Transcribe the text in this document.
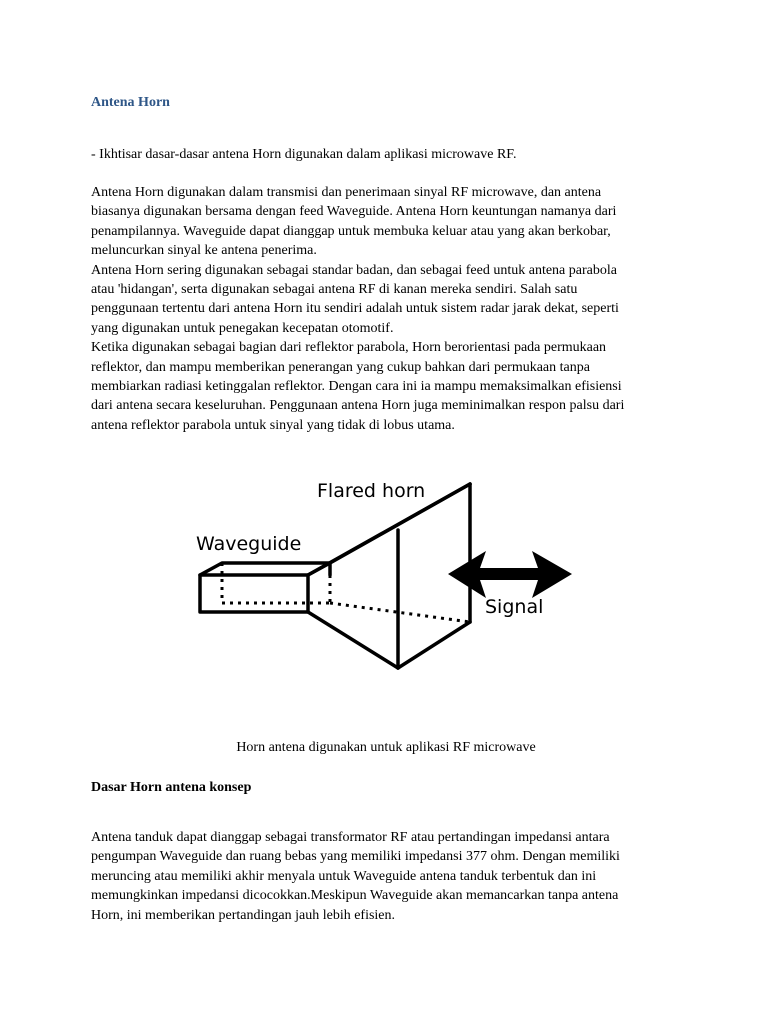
Antena Horn
- Ikhtisar dasar-dasar antena Horn digunakan dalam aplikasi microwave RF.

Antena Horn digunakan dalam transmisi dan penerimaan sinyal RF microwave, dan antena

biasanya digunakan bersama dengan feed Waveguide. Antena Horn keuntungan namanya dari

penampilannya. Waveguide dapat dianggap untuk membuka keluar atau yang akan berkobar,

meluncurkan sinyal ke antena penerima.

Antena Horn sering digunakan sebagai standar badan, dan sebagai feed untuk antena parabola

atau 'hidangan', serta digunakan sebagai antena RF di kanan mereka sendiri. Salah satu

penggunaan tertentu dari antena Horn itu sendiri adalah untuk sistem radar jarak dekat, seperti

yang digunakan untuk penegakan kecepatan otomotif.

Ketika digunakan sebagai bagian dari reflektor parabola, Horn berorientasi pada permukaan

reflektor, dan mampu memberikan penerangan yang cukup bahkan dari permukaan tanpa

membiarkan radiasi ketinggalan reflektor. Dengan cara ini ia mampu memaksimalkan efisiensi

dari antena secara keseluruhan. Penggunaan antena Horn juga meminimalkan respon palsu dari

antena reflektor parabola untuk sinyal yang tidak di lobus utama.

Flared horn
Waveguide
Signal
Horn antena digunakan untuk aplikasi RF microwave
Dasar Horn antena konsep

Antena tanduk dapat dianggap sebagai transformator RF atau pertandingan impedansi antara

pengumpan Waveguide dan ruang bebas yang memiliki impedansi 377 ohm. Dengan memiliki

meruncing atau memiliki akhir menyala untuk Waveguide antena tanduk terbentuk dan ini

memungkinkan impedansi dicocokkan.Meskipun Waveguide akan memancarkan tanpa antena

Horn, ini memberikan pertandingan jauh lebih efisien.
